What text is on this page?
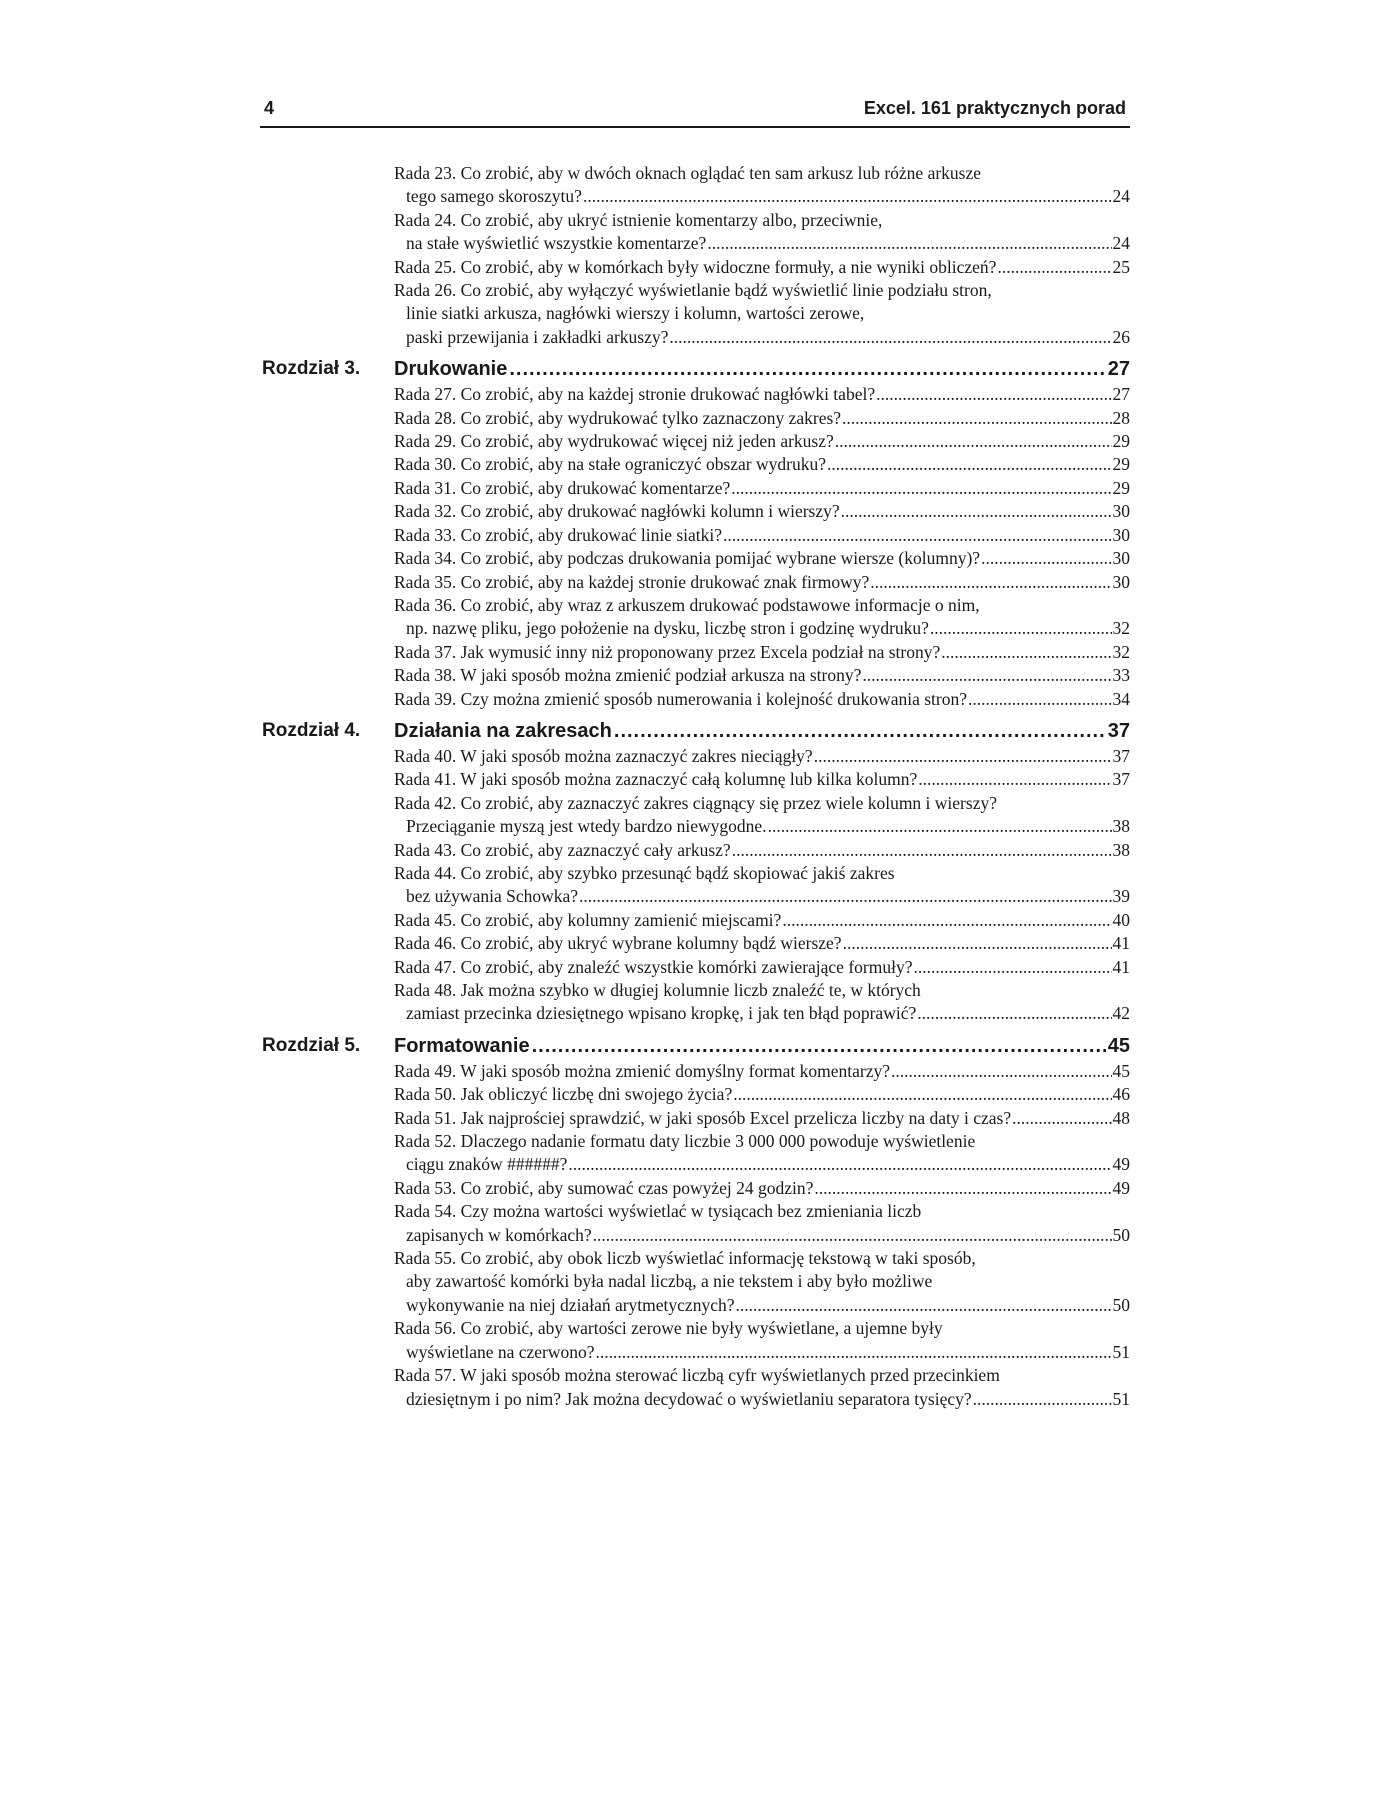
4	Excel. 161 praktycznych porad
Rada 23. Co zrobić, aby w dwóch oknach oglądać ten sam arkusz lub różne arkusze
tego samego skoroszytu? .....	24
Rada 24. Co zrobić, aby ukryć istnienie komentarzy albo, przeciwnie,
na stałe wyświetlić wszystkie komentarze? .....	24
Rada 25. Co zrobić, aby w komórkach były widoczne formuły, a nie wyniki obliczeń? .....	25
Rada 26. Co zrobić, aby wyłączyć wyświetlanie bądź wyświetlić linie podziału stron,
linie siatki arkusza, nagłówki wierszy i kolumn, wartości zerowe,
paski przewijania i zakładki arkuszy? .....	26
Rozdział 3.	Drukowanie .....	27
Rada 27. Co zrobić, aby na każdej stronie drukować nagłówki tabel? .....	27
Rada 28. Co zrobić, aby wydrukować tylko zaznaczony zakres? .....	28
Rada 29. Co zrobić, aby wydrukować więcej niż jeden arkusz? .....	29
Rada 30. Co zrobić, aby na stałe ograniczyć obszar wydruku? .....	29
Rada 31. Co zrobić, aby drukować komentarze? .....	29
Rada 32. Co zrobić, aby drukować nagłówki kolumn i wierszy? .....	30
Rada 33. Co zrobić, aby drukować linie siatki? .....	30
Rada 34. Co zrobić, aby podczas drukowania pomijać wybrane wiersze (kolumny)? .....	30
Rada 35. Co zrobić, aby na każdej stronie drukować znak firmowy? .....	30
Rada 36. Co zrobić, aby wraz z arkuszem drukować podstawowe informacje o nim,
np. nazwę pliku, jego położenie na dysku, liczbę stron i godzinę wydruku? .....	32
Rada 37. Jak wymusić inny niż proponowany przez Excela podział na strony? .....	32
Rada 38. W jaki sposób można zmienić podział arkusza na strony? .....	33
Rada 39. Czy można zmienić sposób numerowania i kolejność drukowania stron? .....	34
Rozdział 4.	Działania na zakresach .....	37
Rada 40. W jaki sposób można zaznaczyć zakres nieciągły? .....	37
Rada 41. W jaki sposób można zaznaczyć całą kolumnę lub kilka kolumn? .....	37
Rada 42. Co zrobić, aby zaznaczyć zakres ciągnący się przez wiele kolumn i wierszy?
Przeciąganie myszą jest wtedy bardzo niewygodne. .....	38
Rada 43. Co zrobić, aby zaznaczyć cały arkusz? .....	38
Rada 44. Co zrobić, aby szybko przesunąć bądź skopiować jakiś zakres
bez używania Schowka? .....	39
Rada 45. Co zrobić, aby kolumny zamienić miejscami? .....	40
Rada 46. Co zrobić, aby ukryć wybrane kolumny bądź wiersze? .....	41
Rada 47. Co zrobić, aby znaleźć wszystkie komórki zawierające formuły? .....	41
Rada 48. Jak można szybko w długiej kolumnie liczb znaleźć te, w których
zamiast przecinka dziesiętnego wpisano kropkę, i jak ten błąd poprawić? .....	42
Rozdział 5.	Formatowanie .....	45
Rada 49. W jaki sposób można zmienić domyślny format komentarzy? .....	45
Rada 50. Jak obliczyć liczbę dni swojego życia? .....	46
Rada 51. Jak najprościej sprawdzić, w jaki sposób Excel przelicza liczby na daty i czas? .....	48
Rada 52. Dlaczego nadanie formatu daty liczbie 3 000 000 powoduje wyświetlenie
ciągu znaków ######? .....	49
Rada 53. Co zrobić, aby sumować czas powyżej 24 godzin? .....	49
Rada 54. Czy można wartości wyświetlać w tysiącach bez zmieniania liczb
zapisanych w komórkach? .....	50
Rada 55. Co zrobić, aby obok liczb wyświetlać informację tekstową w taki sposób,
aby zawartość komórki była nadal liczbą, a nie tekstem i aby było możliwe
wykonywanie na niej działań arytmetycznych? .....	50
Rada 56. Co zrobić, aby wartości zerowe nie były wyświetlane, a ujemne były
wyświetlane na czerwono? .....	51
Rada 57. W jaki sposób można sterować liczbą cyfr wyświetlanych przed przecinkiem
dziesiętnym i po nim? Jak można decydować o wyświetlaniu separatora tysięcy? .....	51
